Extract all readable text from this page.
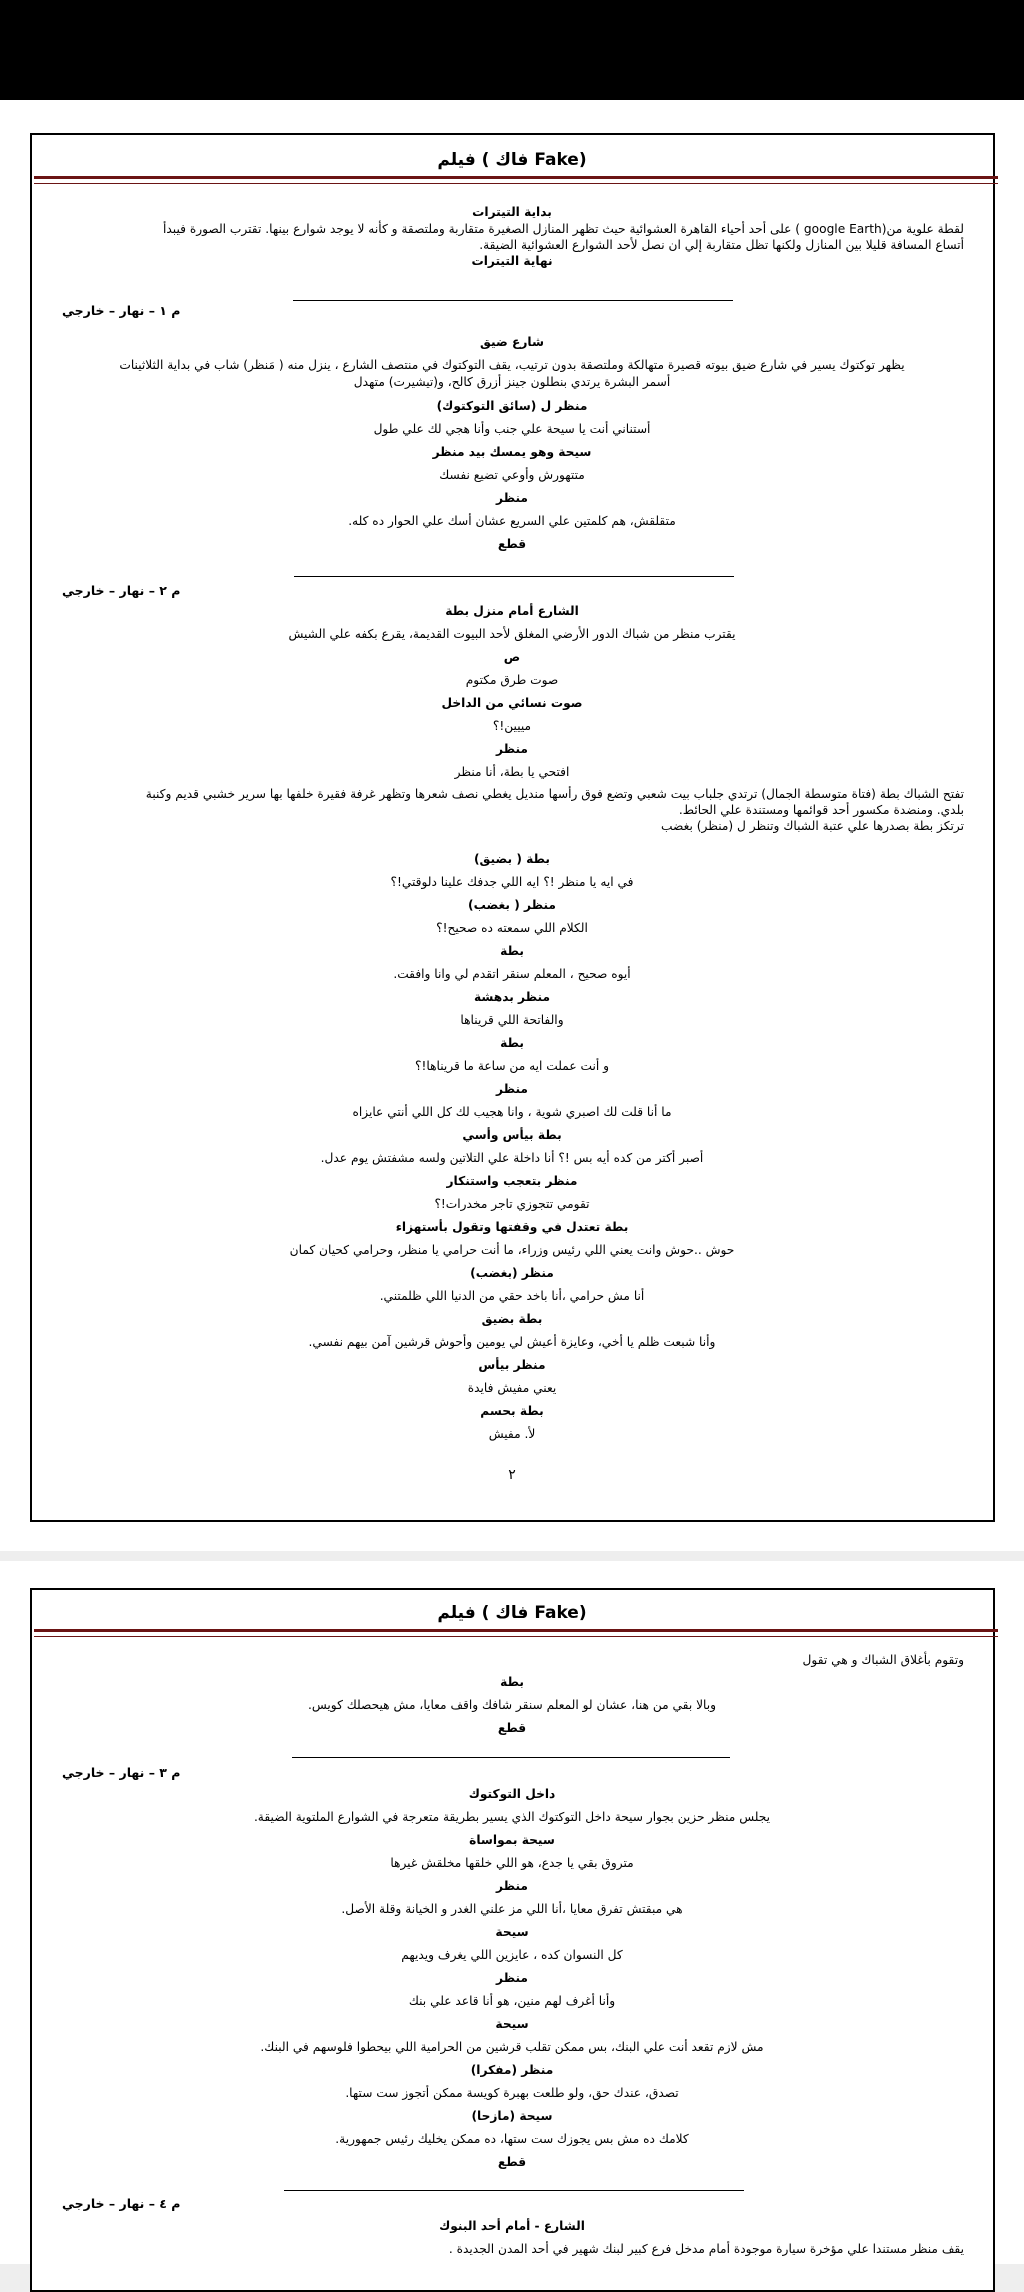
فيلم ( فاك Fake)
بداية التيترات
لقطة علوية من(google Earth ) على أحد أحياء القاهرة العشوائية حيث تظهر المنازل الصغيرة متقاربة وملتصقة و كأنه لا يوجد شوارع بينها. تقترب الصورة فيبدأ
أتساع المسافة قليلا بين المنازل ولكنها تظل متقاربة إلي ان نصل لأحد الشوارع العشوائية الضيقة.
نهاية التيترات
شارع ضيق
يظهر توكتوك يسير في شارع ضيق بيوته قصيرة متهالكة وملتصقة بدون ترتيب، يقف التوكتوك في منتصف الشارع ، ينزل منه ( مَنظر) شاب في بداية الثلاثينات
أسمر البشرة يرتدي بنطلون جينز أزرق كالح، و(تيشيرت) متهدل
منظر ل (سائق التوكتوك)
أستناني أنت يا سيحة علي جنب وأنا هجي لك علي طول
سيحة وهو يمسك بيد منظر
متتهورش وأوعي تضيع نفسك
منظر
متقلقش، هم كلمتين علي السريع عشان أسك علي الحوار ده كله.
قطع
الشارع أمام منزل بطة
يقترب منظر من شباك الدور الأرضي المغلق لأحد البيوت القديمة، يقرع بكفه علي الشيش
ص
صوت طرق مكتوم
صوت نسائي من الداخل
مييين!؟
منظر
افتحي يا بطة، أنا منظر
تفتح الشباك بطة (فتاة متوسطة الجمال) ترتدي جلباب بيت شعبي وتضع فوق رأسها منديل يغطي نصف شعرها وتظهر غرفة فقيرة خلفها بها سرير خشبي قديم وكنبة
بلدي. ومنضدة مكسور أحد قوائمها ومستندة علي الحائط.
ترتكز بطة بصدرها علي عتبة الشباك وتنظر ل (منظر) بغضب
بطة ( بضيق)
في ايه يا منظر !؟ ايه اللي جدفك علينا دلوقتي!؟
منظر ( بغضب)
الكلام اللي سمعته ده صحيح!؟
بطة
أيوه صحيح ، المعلم سنقر اتقدم لي وانا وافقت.
منظر بدهشة
والفاتحة اللي قريناها
بطة
و أنت عملت ايه من ساعة ما قريناها!؟
منظر
ما أنا قلت لك اصبري شوية ، وانا هجيب لك كل اللي أنتي عايزاه
بطة بيأس وأسي
أصبر أكتر من كده أيه بس !؟ أنا داخلة علي التلاتين ولسه مشفتش يوم عدل.
منظر بتعجب واستنكار
تقومي تتجوزي تاجر مخدرات!؟
بطة تعتدل في وقفتها وتقول بأستهزاء
حوش ..حوش وانت يعني اللي رئيس وزراء، ما أنت حرامي يا منظر، وحرامي كحيان كمان
منظر (بغضب)
أنا مش حرامي ،أنا باخد حقي من الدنيا اللي ظلمتني.
بطة بضيق
وأنا شبعت ظلم يا أخي، وعايزة أعيش لي يومين وأحوش قرشين آمن بيهم نفسي.
منظر بيأس
يعني مفيش فايدة
بطة بحسم
لأ. مفيش
م ١ – نهار – خارجي
م ٢ – نهار – خارجي
٢
فيلم ( فاك Fake)
وتقوم بأغلاق الشباك و هي تقول
بطة
وبالا بقي من هنا، عشان لو المعلم سنقر شافك واقف معايا، مش هيحصلك كويس.
قطع
داخل التوكتوك
يجلس منظر حزين بجوار سيحة داخل التوكتوك الذي يسير بطريقة متعرجة في الشوارع الملتوية الضيقة.
سيحة بمواساة
متروق بقي يا جدع، هو اللي خلقها مخلقش غيرها
منظر
هي مبقتش تفرق معايا ،أنا اللي مز علني الغدر و الخيانة وقلة الأصل.
سيحة
كل النسوان كده ، عايزين اللي يغرف ويديهم
منظر
وأنا أغرف لهم منين، هو أنا قاعد علي بنك
سيحة
مش لازم تقعد أنت علي البنك، بس ممكن تقلب قرشين من الحرامية اللي بيحطوا فلوسهم في البنك.
منظر (مفكرا)
تصدق، عندك حق، ولو طلعت بهبرة كويسة ممكن أتجوز ست ستها.
سيحة (مازحا)
كلامك ده مش بس يجوزك ست ستها، ده ممكن يخليك رئيس جمهورية.
قطع
الشارع - أمام أحد البنوك
يقف منظر مستندا علي مؤخرة سيارة موجودة أمام مدخل فرع كبير لبنك شهير في أحد المدن الجديدة .
م ٣ – نهار – خارجي
م ٤ – نهار – خارجي
